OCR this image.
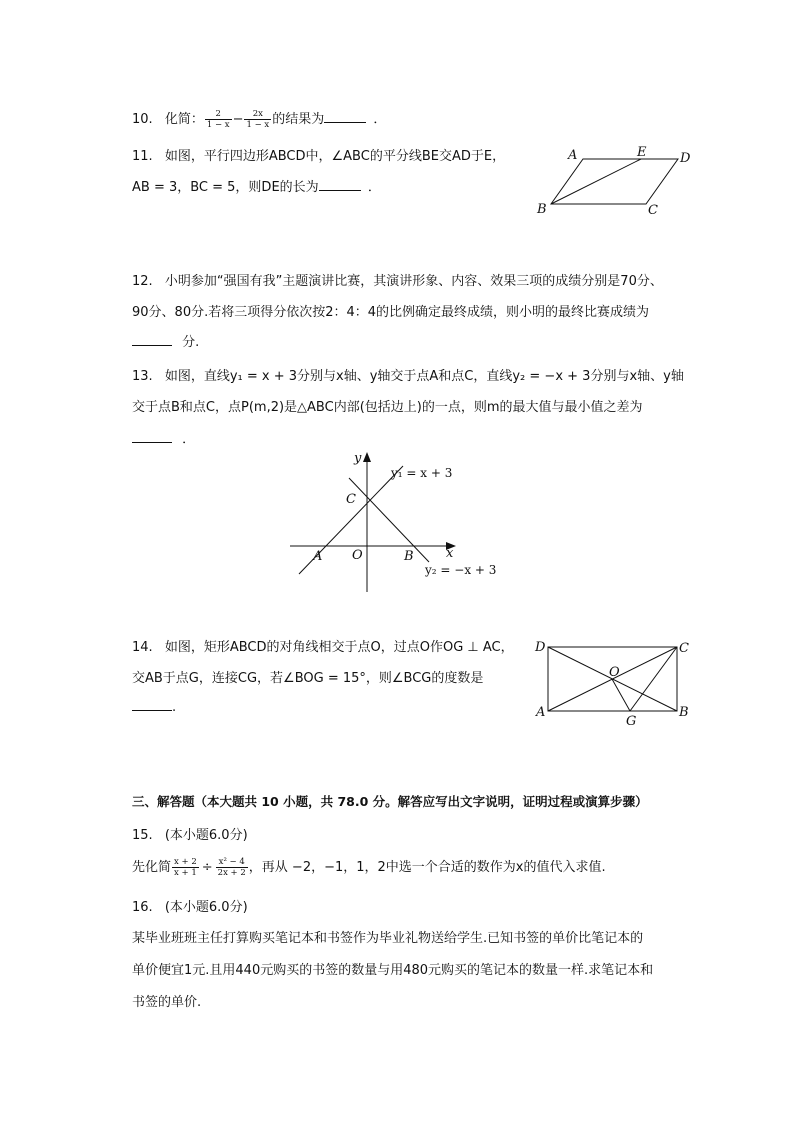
10. 化简： $\frac{2}{1 - x} - \frac{2x}{1 - x}$ 的结果为	．
11. 如图，平行四边形ABCD中，∠ABC的平分线BE交AD于E，
AB = 3，BC = 5，则DE的长为	．
A	E	D
B	C
12. 小明参加“强国有我”主题演讲比赛，其演讲形象、内容、效果三项的成绩分别是70分、
90分、80分.若将三项得分依次按2：4：4的比例确定最终成绩，则小明的最终比赛成绩为
分.
13. 如图，直线y₁ = x + 3分别与x轴、y轴交于点A和点C，直线y₂ = −x + 3分别与x轴、y轴
交于点B和点C，点P(m,2)是△ABC内部(包括边上)的一点，则m的最大值与最小值之差为
．
x
y
C
A O	B
y₁ = x + 3
y₂ = −x + 3
14. 如图，矩形ABCD的对角线相交于点O，过点O作OG ⊥ AC，
交AB于点G，连接CG，若∠BOG = 15°，则∠BCG的度数是
.
D	C
O
A
G
B
三、解答题（本大题共 10 小题，共 78.0 分。解答应写出文字说明，证明过程或演算步骤）
15. (本小题6.0分)
先化简 $\frac{x + 2}{x + 1} \div \frac{\text{x² − 4}}{2x + 2}$ ，再从 −2，−1，1，2中选一个合适的数作为x的值代入求值.
16. (本小题6.0分)
某毕业班班主任打算购买笔记本和书签作为毕业礼物送给学生.已知书签的单价比笔记本的
单价便宜1元.且用440元购买的书签的数量与用480元购买的笔记本的数量一样.求笔记本和
书签的单价.
